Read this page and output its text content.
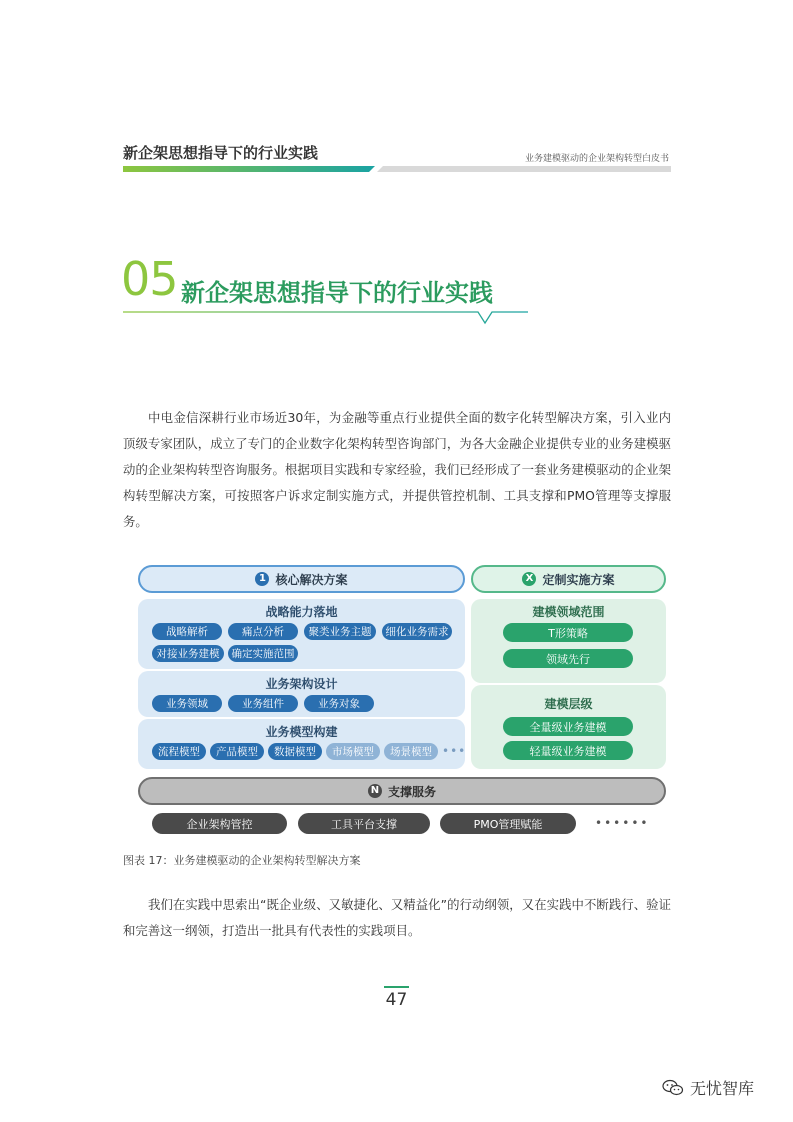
新企架思想指导下的行业实践	业务建模驱动的企业架构转型白皮书
05 新企架思想指导下的行业实践

中电金信深耕行业市场近30年，为金融等重点行业提供全面的数字化转型解决方案，引入业内顶级专家团队，成立了专门的企业数字化架构转型咨询部门，为各大金融企业提供专业的业务建模驱动的企业架构转型咨询服务。根据项目实践和专家经验，我们已经形成了一套业务建模驱动的企业架构转型解决方案，可按照客户诉求定制实施方式，并提供管控机制、工具支撑和PMO管理等支撑服务。

1 核心解决方案	X 定制实施方案
战略能力落地
战略解析	痛点分析	聚类业务主题	细化业务需求
对接业务建模	确定实施范围
业务架构设计
业务领域	业务组件	业务对象
业务模型构建
流程模型	产品模型	数据模型	市场模型	场景模型 •••
建模领域范围
T形策略
领域先行
建模层级
全量级业务建模
轻量级业务建模
N 支撑服务
企业架构管控	工具平台支撑	PMO管理赋能	••••••
图表 17：业务建模驱动的企业架构转型解决方案

我们在实践中思索出“既企业级、又敏捷化、又精益化”的行动纲领，又在实践中不断践行、验证和完善这一纲领，打造出一批具有代表性的实践项目。

47
无忧智库
